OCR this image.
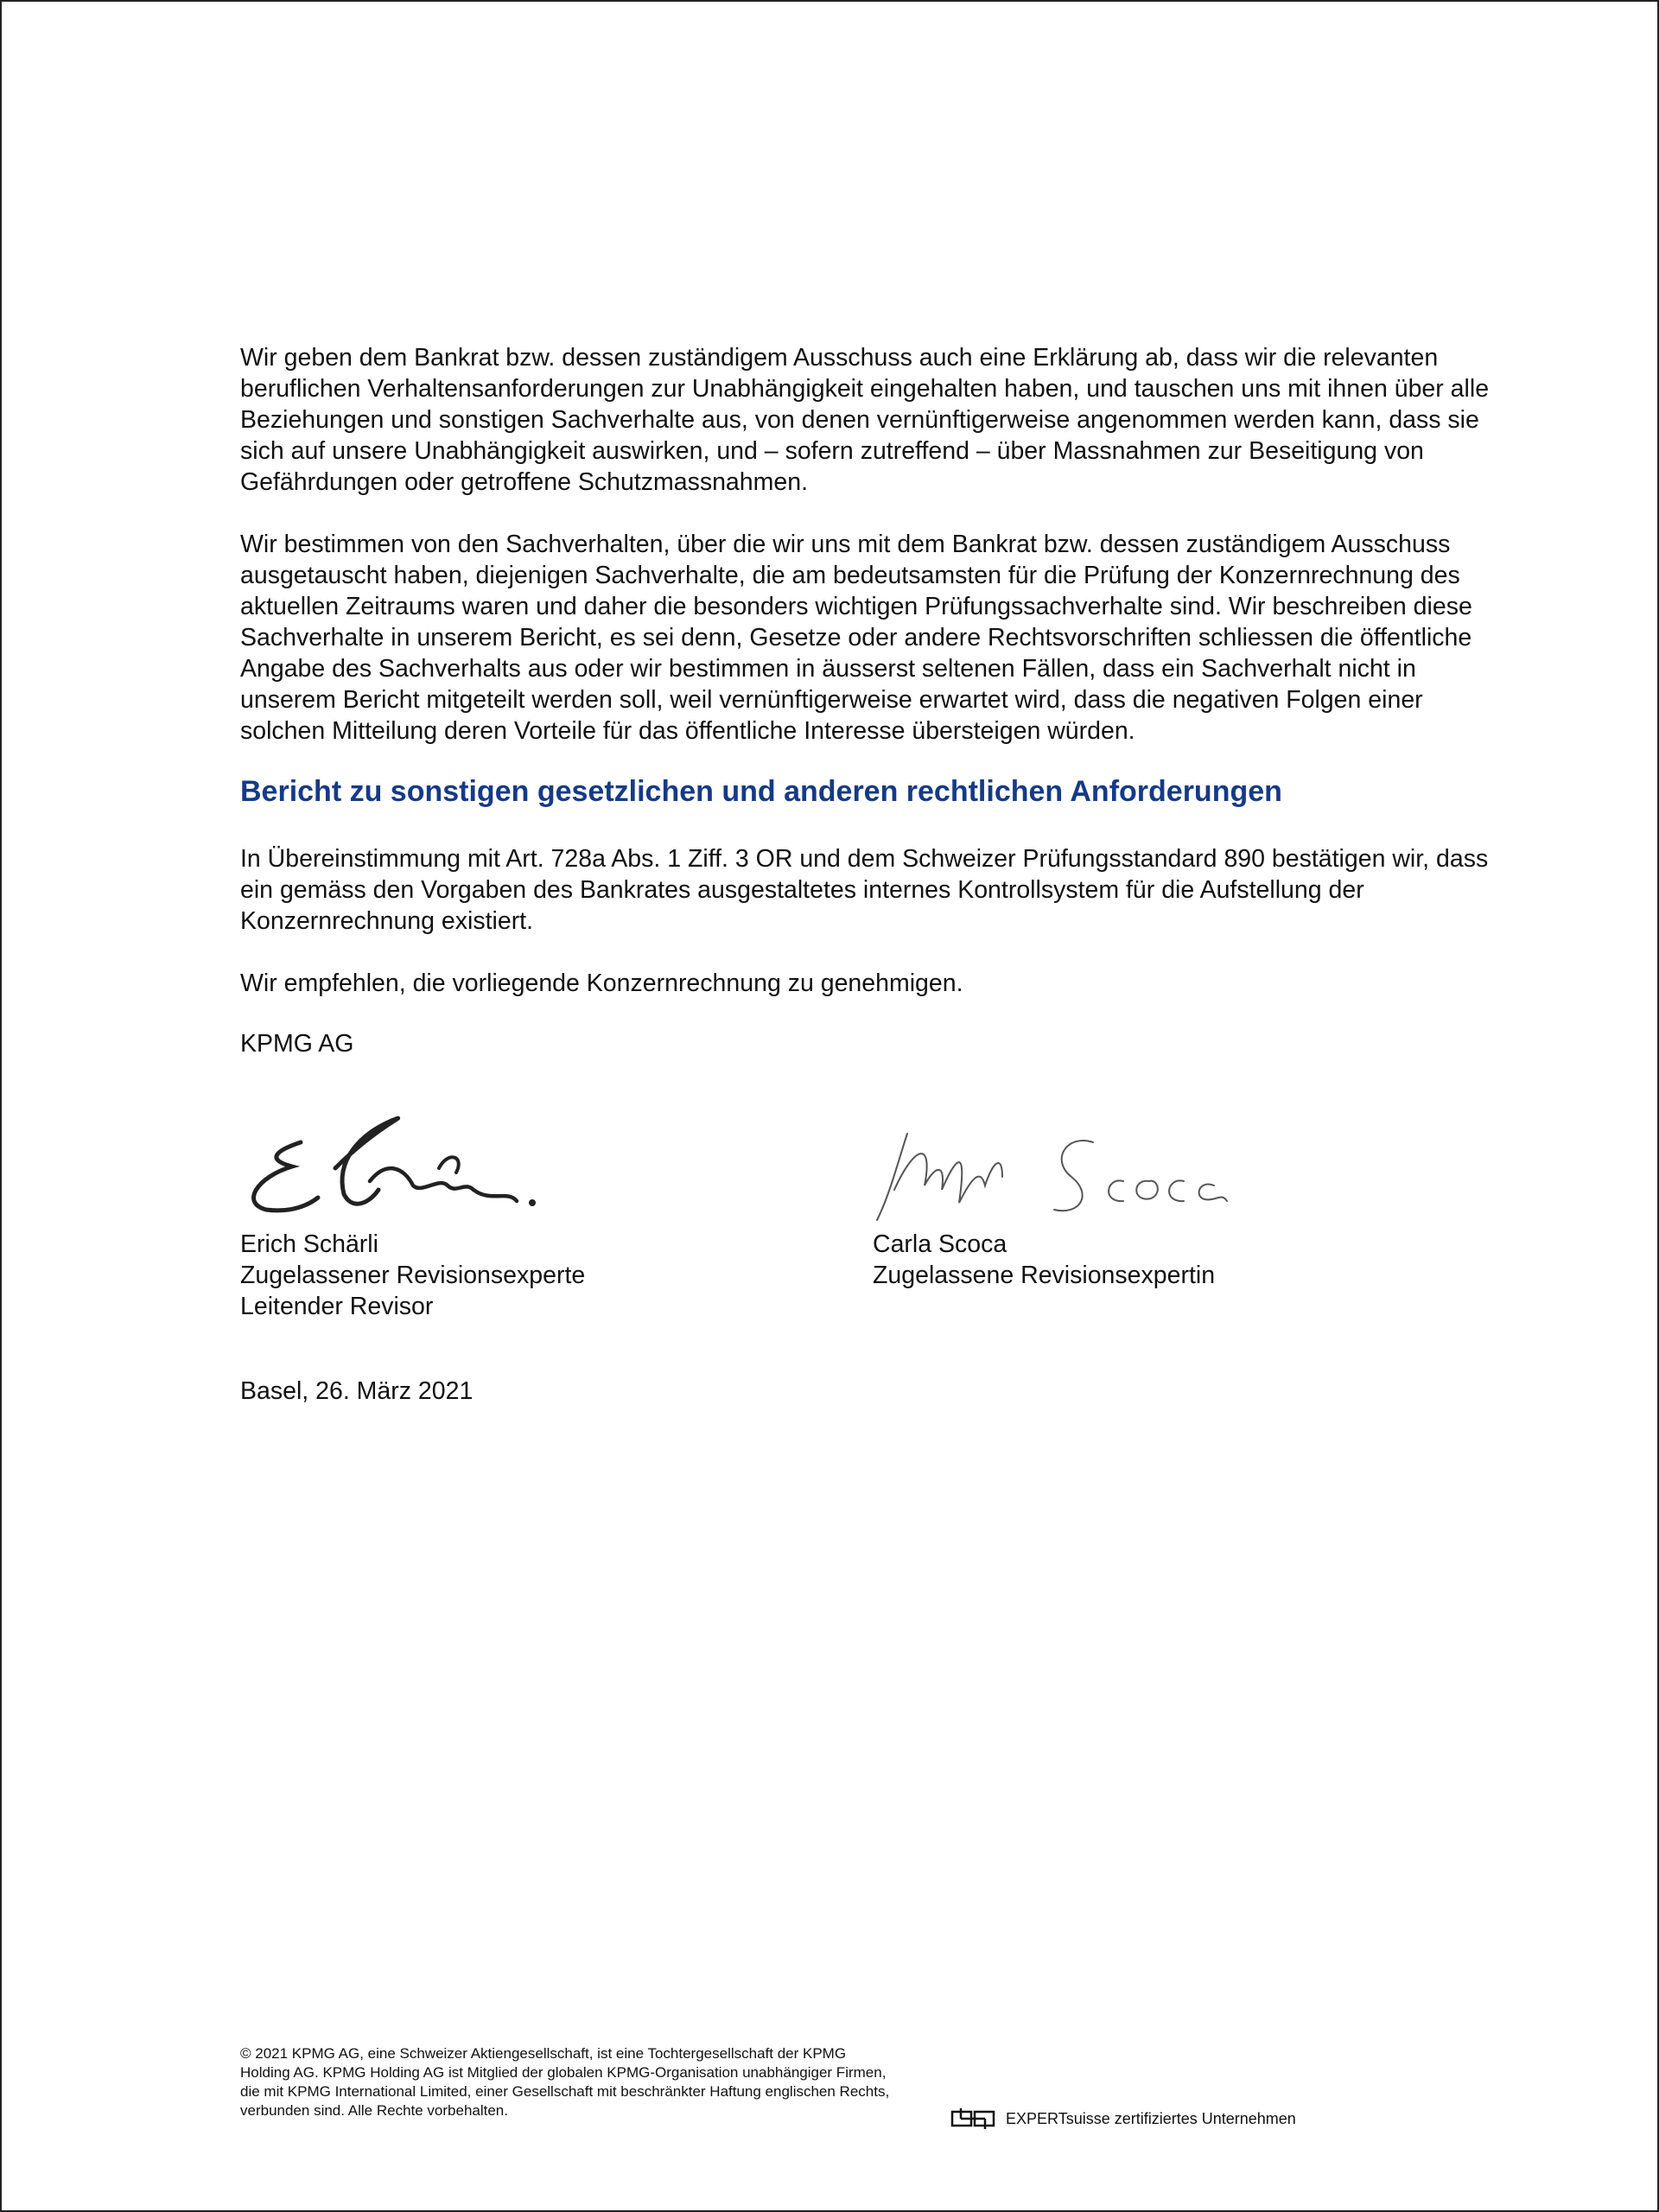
Wir geben dem Bankrat bzw. dessen zuständigem Ausschuss auch eine Erklärung ab, dass wir die relevanten beruflichen Verhaltensanforderungen zur Unabhängigkeit eingehalten haben, und tauschen uns mit ihnen über alle Beziehungen und sonstigen Sachverhalte aus, von denen vernünftigerweise angenommen werden kann, dass sie sich auf unsere Unabhängigkeit auswirken, und – sofern zutreffend – über Massnahmen zur Beseitigung von Gefährdungen oder getroffene Schutzmassnahmen.

Wir bestimmen von den Sachverhalten, über die wir uns mit dem Bankrat bzw. dessen zuständigem Ausschuss ausgetauscht haben, diejenigen Sachverhalte, die am bedeutsamsten für die Prüfung der Konzernrechnung des aktuellen Zeitraums waren und daher die besonders wichtigen Prüfungssachverhalte sind. Wir beschreiben diese Sachverhalte in unserem Bericht, es sei denn, Gesetze oder andere Rechtsvorschriften schliessen die öffentliche Angabe des Sachverhalts aus oder wir bestimmen in äusserst seltenen Fällen, dass ein Sachverhalt nicht in unserem Bericht mitgeteilt werden soll, weil vernünftigerweise erwartet wird, dass die negativen Folgen einer solchen Mitteilung deren Vorteile für das öffentliche Interesse übersteigen würden.

Bericht zu sonstigen gesetzlichen und anderen rechtlichen Anforderungen

In Übereinstimmung mit Art. 728a Abs. 1 Ziff. 3 OR und dem Schweizer Prüfungsstandard 890 bestätigen wir, dass ein gemäss den Vorgaben des Bankrates ausgestaltetes internes Kontrollsystem für die Aufstellung der Konzernrechnung existiert.

Wir empfehlen, die vorliegende Konzernrechnung zu genehmigen.

KPMG AG
Erich Schärli
Zugelassener Revisionsexperte
Leitender Revisor
Carla Scoca
Zugelassene Revisionsexpertin
Basel, 26. März 2021
© 2021 KPMG AG, eine Schweizer Aktiengesellschaft, ist eine Tochtergesellschaft der KPMG Holding AG. KPMG Holding AG ist Mitglied der globalen KPMG-Organisation unabhängiger Firmen, die mit KPMG International Limited, einer Gesellschaft mit beschränkter Haftung englischen Rechts, verbunden sind. Alle Rechte vorbehalten.	EXPERTsuisse zertifiziertes Unternehmen
